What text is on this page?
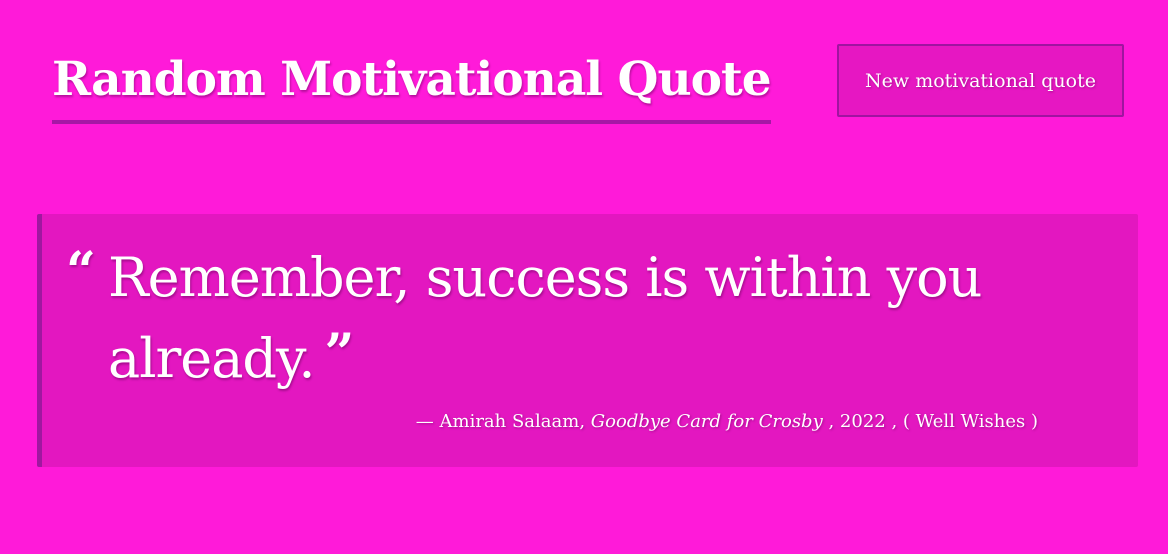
Random Motivational Quote	New motivational quote
“ Remember, success is within you already. ”

— Amirah Salaam, Goodbye Card for Crosby , 2022 , ( Well Wishes )
